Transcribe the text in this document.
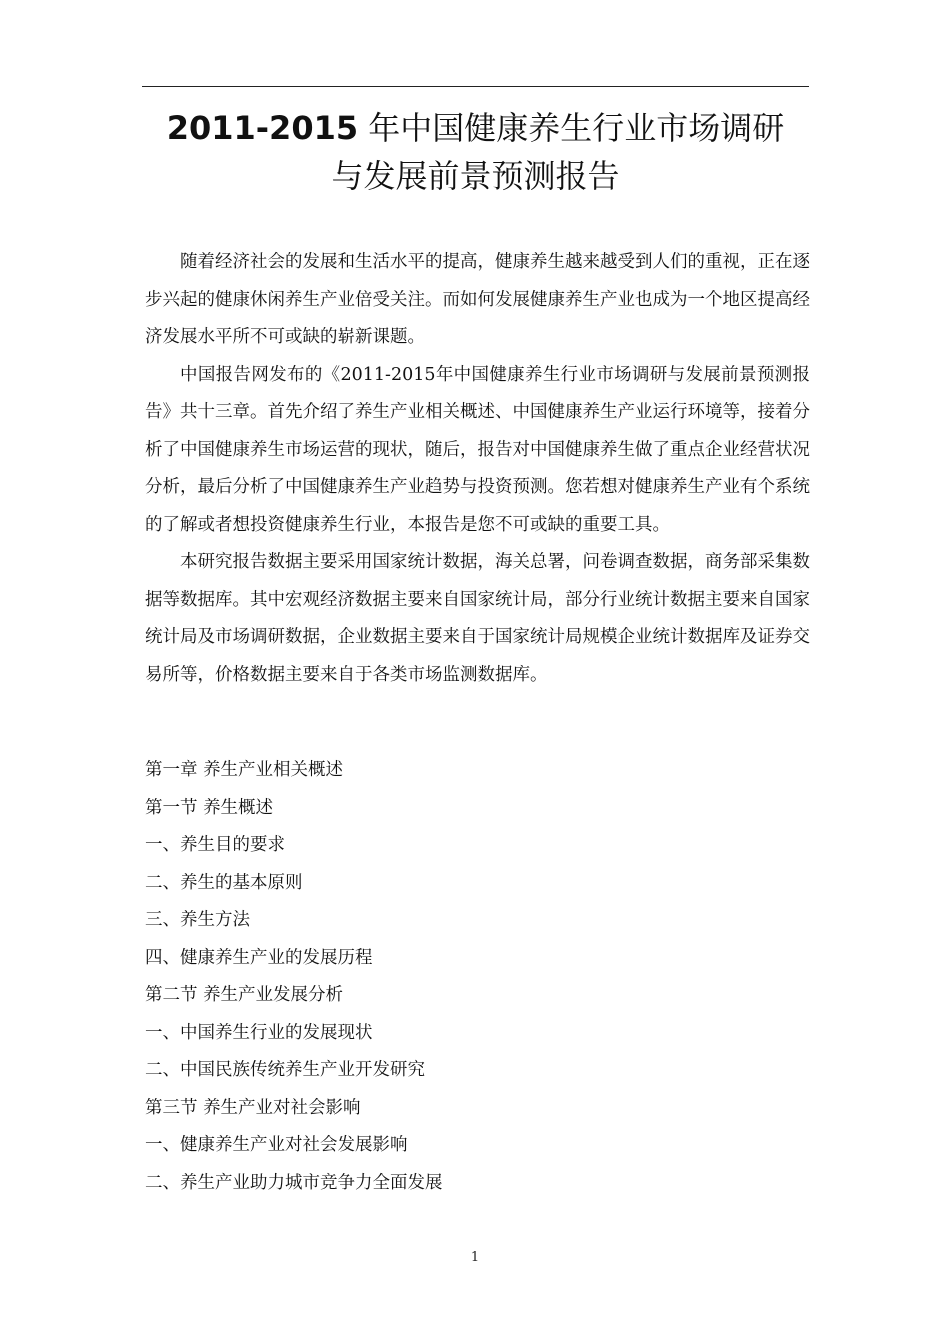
2011-2015 年中国健康养生行业市场调研
与发展前景预测报告

随着经济社会的发展和生活水平的提高，健康养生越来越受到人们的重视，正在逐步兴起的健康休闲养生产业倍受关注。而如何发展健康养生产业也成为一个地区提高经济发展水平所不可或缺的崭新课题。

中国报告网发布的《2011-2015年中国健康养生行业市场调研与发展前景预测报告》共十三章。首先介绍了养生产业相关概述、中国健康养生产业运行环境等，接着分析了中国健康养生市场运营的现状，随后，报告对中国健康养生做了重点企业经营状况分析，最后分析了中国健康养生产业趋势与投资预测。您若想对健康养生产业有个系统的了解或者想投资健康养生行业，本报告是您不可或缺的重要工具。

本研究报告数据主要采用国家统计数据，海关总署，问卷调查数据，商务部采集数据等数据库。其中宏观经济数据主要来自国家统计局，部分行业统计数据主要来自国家统计局及市场调研数据，企业数据主要来自于国家统计局规模企业统计数据库及证券交易所等，价格数据主要来自于各类市场监测数据库。

第一章 养生产业相关概述
第一节 养生概述
一、养生目的要求
二、养生的基本原则
三、养生方法
四、健康养生产业的发展历程
第二节 养生产业发展分析
一、中国养生行业的发展现状
二、中国民族传统养生产业开发研究
第三节 养生产业对社会影响
一、健康养生产业对社会发展影响
二、养生产业助力城市竞争力全面发展
1
